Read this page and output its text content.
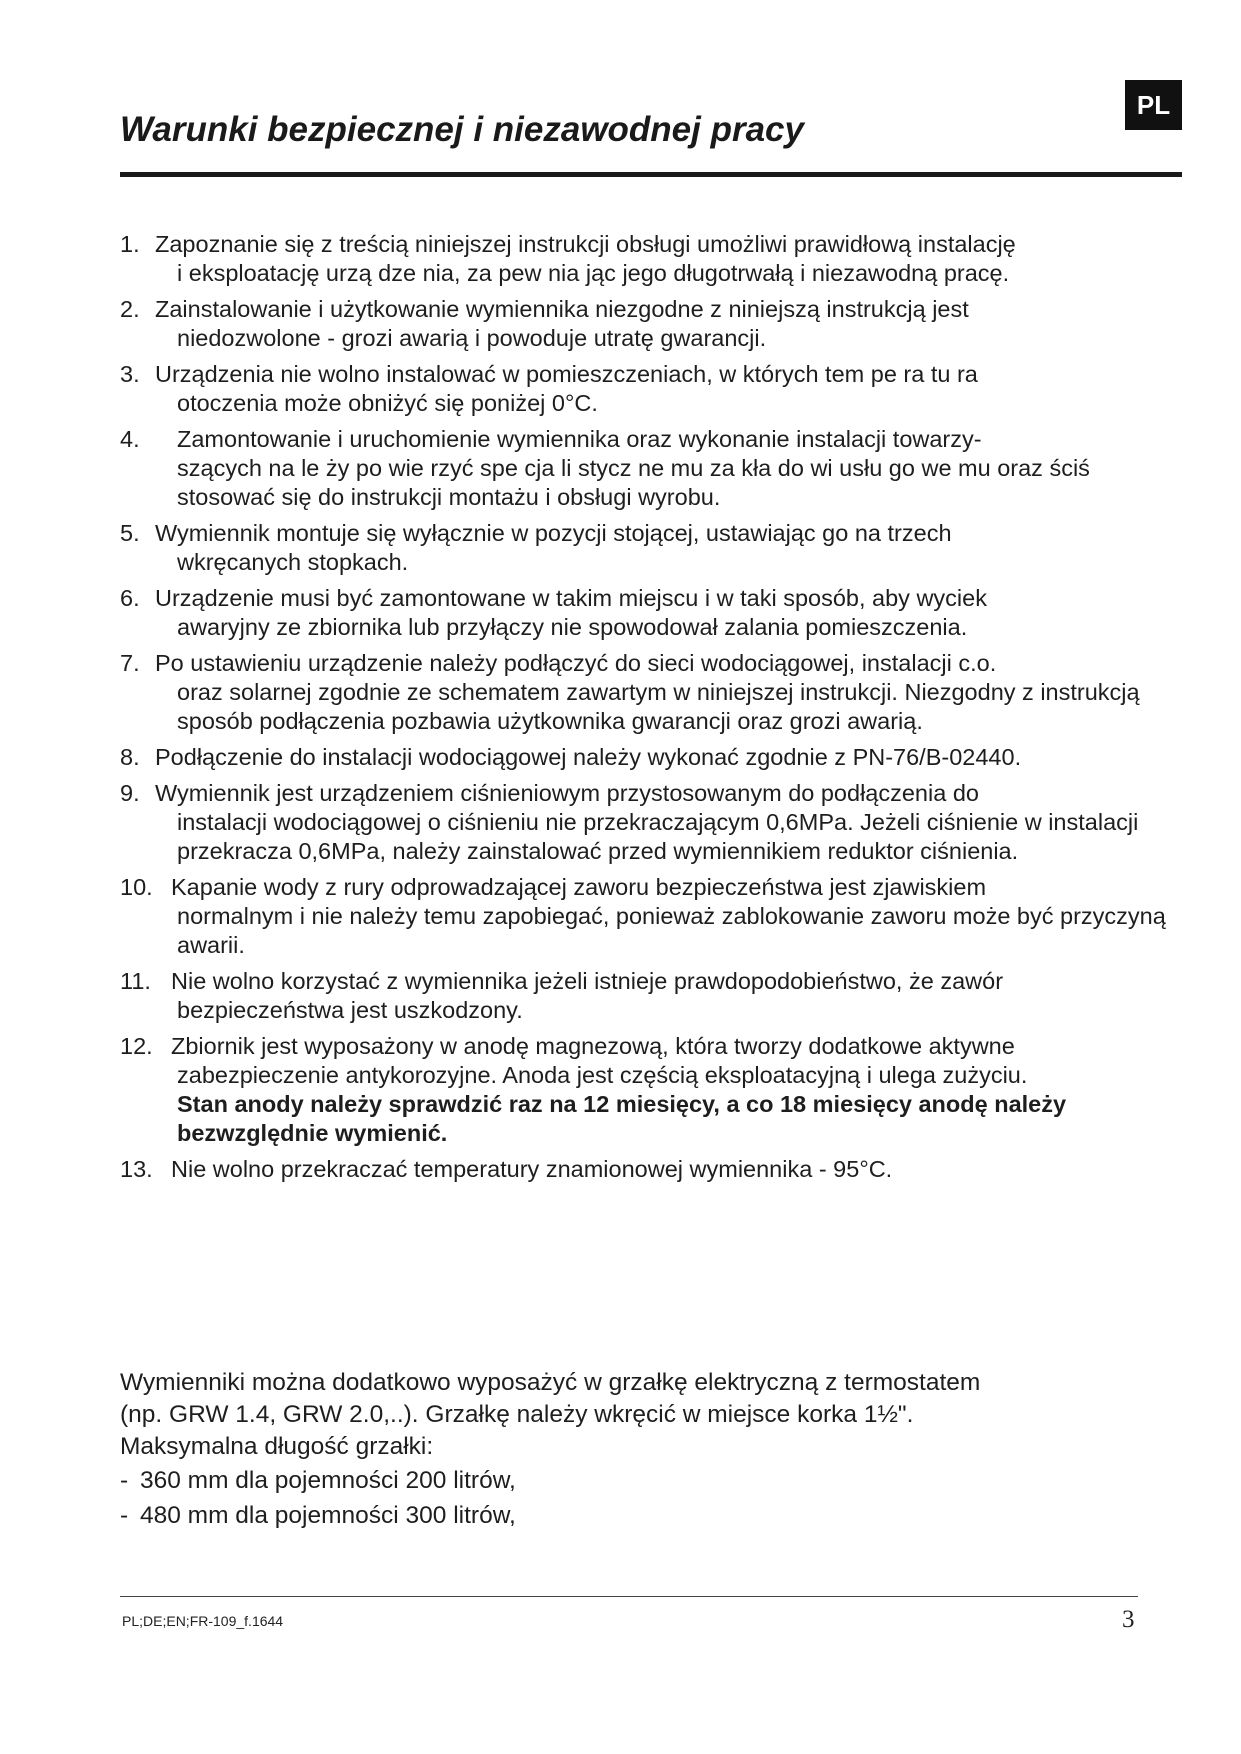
PL
Warunki bezpiecznej i niezawodnej pracy
1. Zapoznanie się z treścią niniejszej instrukcji obsługi umożliwi prawidłową instalację
i eksploatację urzą dze nia, za pew nia jąc jego długotrwałą i niezawodną pracę.
2. Zainstalowanie i użytkowanie wymiennika niezgodne z niniejszą instrukcją jest
niedozwolone - grozi awarią i powoduje utratę gwarancji.
3. Urządzenia nie wolno instalować w pomieszczeniach, w których tem pe ra tu ra
otoczenia może obniżyć się poniżej 0°C.
4. Zamontowanie i uruchomienie wymiennika oraz wykonanie instalacji towarzy-
szących na le ży po wie rzyć spe cja li stycz ne mu za kła do wi usłu go we mu oraz ściś
stosować się do instrukcji montażu i obsługi wyrobu.
5. Wymiennik montuje się wyłącznie w pozycji stojącej, ustawiając go na trzech
wkręcanych stopkach.
6. Urządzenie musi być zamontowane w takim miejscu i w taki sposób, aby wyciek
awaryjny ze zbiornika lub przyłączy nie spowodował zalania pomieszczenia.
7. Po ustawieniu urządzenie należy podłączyć do sieci wodociągowej, instalacji c.o.
oraz solarnej zgodnie ze schematem zawartym w niniejszej instrukcji. Niezgodny z instrukcją sposób podłączenia pozbawia użytkownika gwarancji oraz grozi awarią.
8. Podłączenie do instalacji wodociągowej należy wykonać zgodnie z PN-76/B-02440.
9. Wymiennik jest urządzeniem ciśnieniowym przystosowanym do podłączenia do
instalacji wodociągowej o ciśnieniu nie przekraczającym 0,6MPa. Jeżeli ciśnienie w instalacji przekracza 0,6MPa, należy zainstalować przed wymiennikiem reduktor ciśnienia.
10. Kapanie wody z rury odprowadzającej zaworu bezpieczeństwa jest zjawiskiem
normalnym i nie należy temu zapobiegać, ponieważ zablokowanie zaworu może być przyczyną awarii.
11. Nie wolno korzystać z wymiennika jeżeli istnieje prawdopodobieństwo, że zawór
bezpieczeństwa jest uszkodzony.
12. Zbiornik jest wyposażony w anodę magnezową, która tworzy dodatkowe aktywne
zabezpieczenie antykorozyjne. Anoda jest częścią eksploatacyjną i ulega zużyciu.
Stan anody należy sprawdzić raz na 12 miesięcy, a co 18 miesięcy anodę należy bezwzględnie wymienić.
13. Nie wolno przekraczać temperatury znamionowej wymiennika - 95°C.

Wymienniki można dodatkowo wyposażyć w grzałkę elektryczną z termostatem

(np. GRW 1.4, GRW 2.0,..). Grzałkę należy wkręcić w miejsce korka 1½".

Maksymalna długość grzałki:

- 360 mm dla pojemności 200 litrów,
- 480 mm dla pojemności 300 litrów,
PL;DE;EN;FR-109_f.1644	3
